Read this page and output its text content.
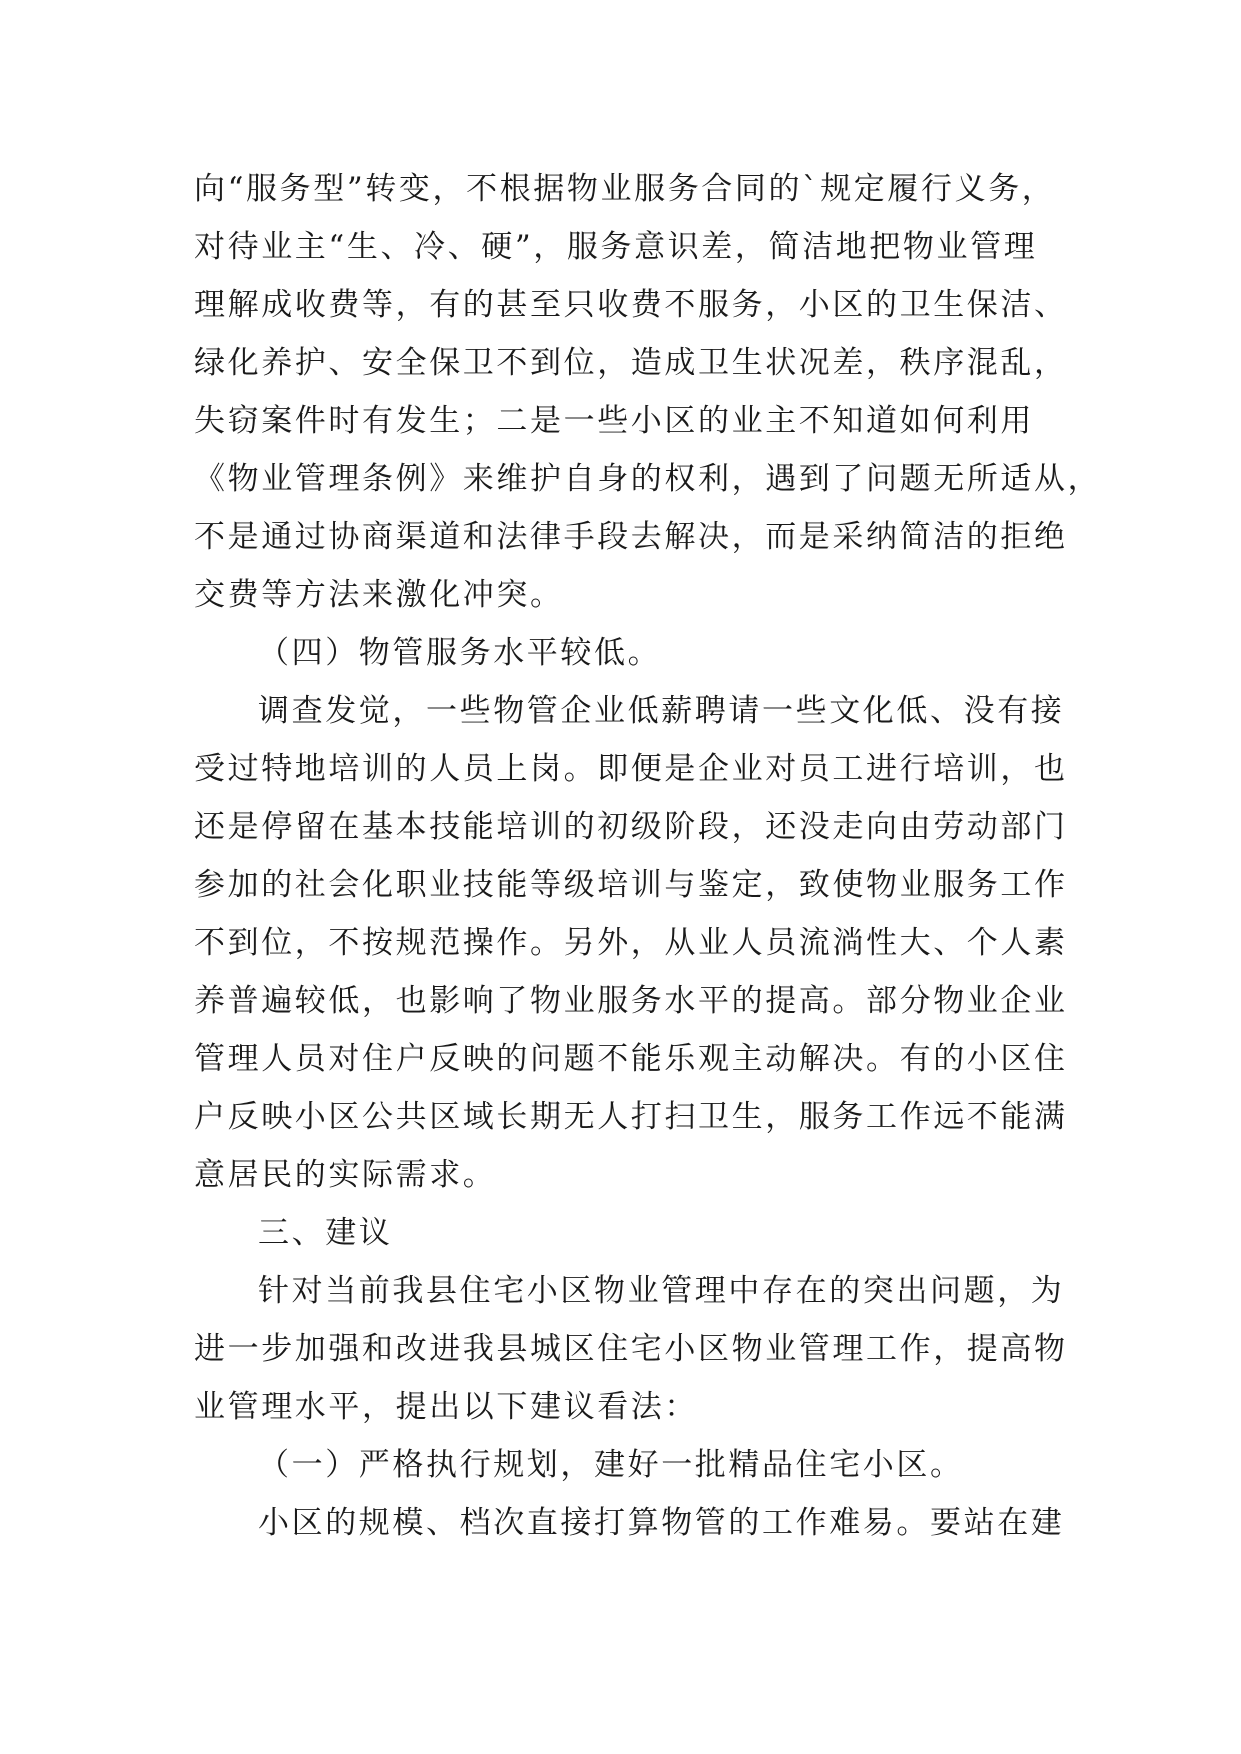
向“服务型”转变，不根据物业服务合同的`规定履行义务，
对待业主“生、冷、硬”，服务意识差，简洁地把物业管理
理解成收费等，有的甚至只收费不服务，小区的卫生保洁、
绿化养护、安全保卫不到位，造成卫生状况差，秩序混乱，
失窃案件时有发生；二是一些小区的业主不知道如何利用
《物业管理条例》来维护自身的权利，遇到了问题无所适从，
不是通过协商渠道和法律手段去解决，而是采纳简洁的拒绝
交费等方法来激化冲突。
（四）物管服务水平较低。
调查发觉，一些物管企业低薪聘请一些文化低、没有接
受过特地培训的人员上岗。即便是企业对员工进行培训，也
还是停留在基本技能培训的初级阶段，还没走向由劳动部门
参加的社会化职业技能等级培训与鉴定，致使物业服务工作
不到位，不按规范操作。另外，从业人员流淌性大、个人素
养普遍较低，也影响了物业服务水平的提高。部分物业企业
管理人员对住户反映的问题不能乐观主动解决。有的小区住
户反映小区公共区域长期无人打扫卫生，服务工作远不能满
意居民的实际需求。
三、建议
针对当前我县住宅小区物业管理中存在的突出问题，为
进一步加强和改进我县城区住宅小区物业管理工作，提高物
业管理水平，提出以下建议看法：
（一）严格执行规划，建好一批精品住宅小区。
小区的规模、档次直接打算物管的工作难易。要站在建
